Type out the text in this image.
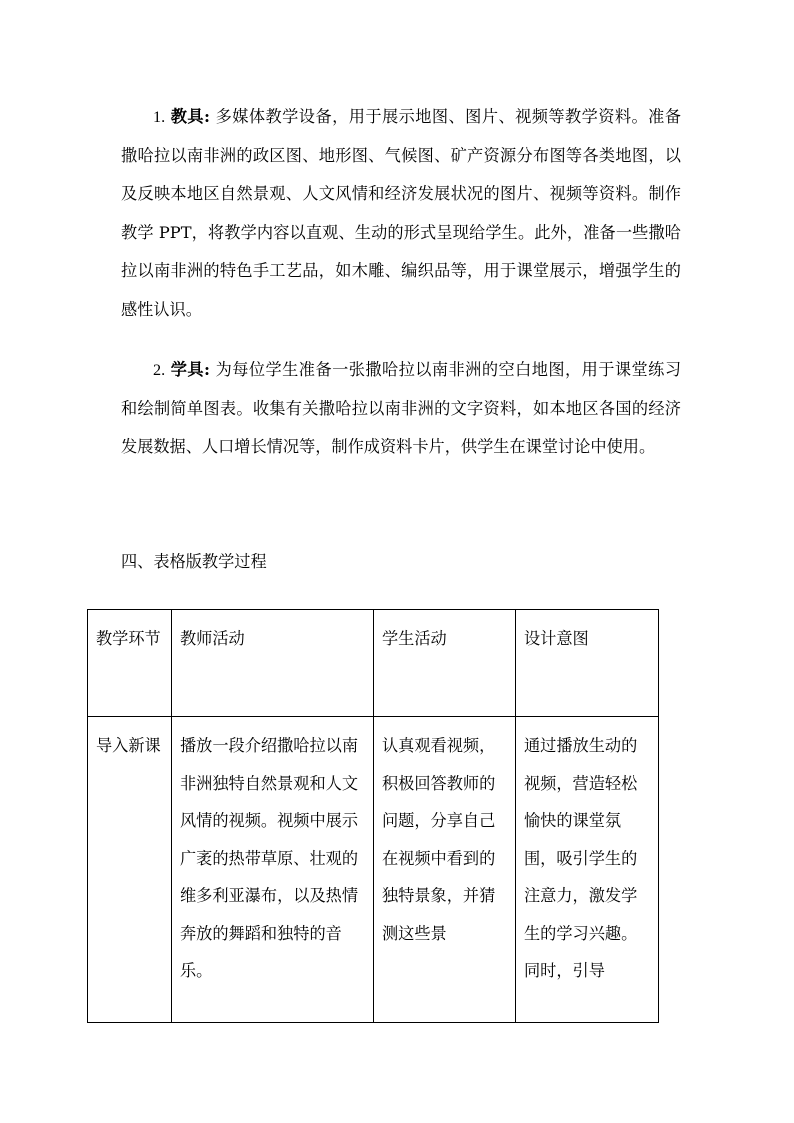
1. 教具: 多媒体教学设备，用于展示地图、图片、视频等教学资料。准备撒哈拉以南非洲的政区图、地形图、气候图、矿产资源分布图等各类地图，以及反映本地区自然景观、人文风情和经济发展状况的图片、视频等资料。制作教学 PPT，将教学内容以直观、生动的形式呈现给学生。此外，准备一些撒哈拉以南非洲的特色手工艺品，如木雕、编织品等，用于课堂展示，增强学生的感性认识。

2. 学具: 为每位学生准备一张撒哈拉以南非洲的空白地图，用于课堂练习和绘制简单图表。收集有关撒哈拉以南非洲的文字资料，如本地区各国的经济发展数据、人口增长情况等，制作成资料卡片，供学生在课堂讨论中使用。

四、表格版教学过程

教学环节	教师活动	学生活动	设计意图
导入新课	播放一段介绍撒哈拉以南非洲独特自然景观和人文风情的视频。视频中展示广袤的热带草原、壮观的维多利亚瀑布，以及热情奔放的舞蹈和独特的音乐。	认真观看视频，积极回答教师的问题，分享自己在视频中看到的独特景象，并猜测这些景	通过播放生动的视频，营造轻松愉快的课堂氛围，吸引学生的注意力，激发学生的学习兴趣。同时，引导
